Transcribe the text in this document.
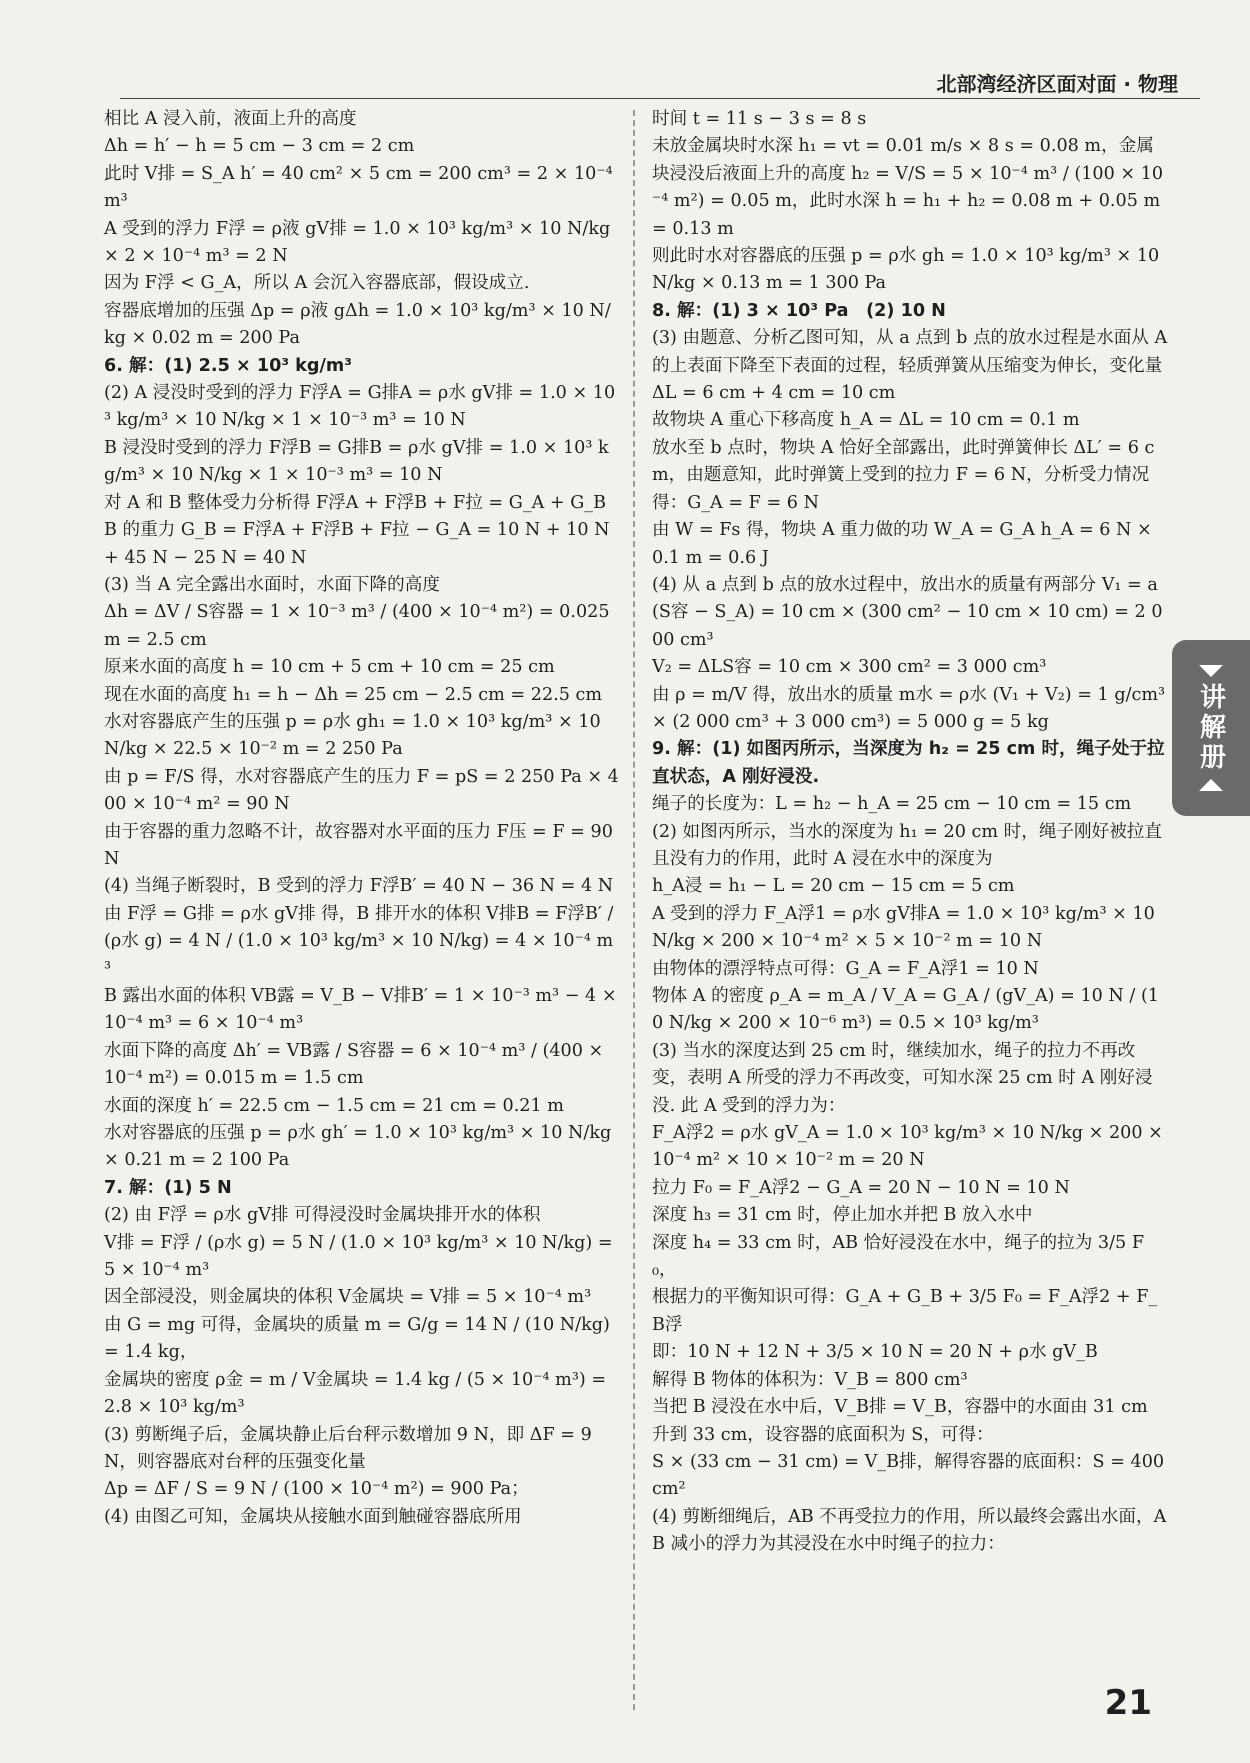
北部湾经济区面对面 · 物理

相比 A 浸入前，液面上升的高度

Δh = h′ − h = 5 cm − 3 cm = 2 cm

此时 V排 = S_A h′ = 40 cm² × 5 cm = 200 cm³ = 2 × 10⁻⁴ m³

A 受到的浮力 F浮 = ρ液 gV排 = 1.0 × 10³ kg/m³ × 10 N/kg × 2 × 10⁻⁴ m³ = 2 N

因为 F浮 < G_A，所以 A 会沉入容器底部，假设成立.

容器底增加的压强 Δp = ρ液 gΔh = 1.0 × 10³ kg/m³ × 10 N/kg × 0.02 m = 200 Pa

6. 解：(1) 2.5 × 10³ kg/m³

(2) A 浸没时受到的浮力 F浮A = G排A = ρ水 gV排 = 1.0 × 10³ kg/m³ × 10 N/kg × 1 × 10⁻³ m³ = 10 N

B 浸没时受到的浮力 F浮B = G排B = ρ水 gV排 = 1.0 × 10³ kg/m³ × 10 N/kg × 1 × 10⁻³ m³ = 10 N

对 A 和 B 整体受力分析得 F浮A + F浮B + F拉 = G_A + G_B

B 的重力 G_B = F浮A + F浮B + F拉 − G_A = 10 N + 10 N + 45 N − 25 N = 40 N

(3) 当 A 完全露出水面时，水面下降的高度

Δh = ΔV / S容器 = 1 × 10⁻³ m³ / (400 × 10⁻⁴ m²) = 0.025 m = 2.5 cm

原来水面的高度 h = 10 cm + 5 cm + 10 cm = 25 cm

现在水面的高度 h₁ = h − Δh = 25 cm − 2.5 cm = 22.5 cm

水对容器底产生的压强 p = ρ水 gh₁ = 1.0 × 10³ kg/m³ × 10 N/kg × 22.5 × 10⁻² m = 2 250 Pa

由 p = F/S 得，水对容器底产生的压力 F = pS = 2 250 Pa × 400 × 10⁻⁴ m² = 90 N

由于容器的重力忽略不计，故容器对水平面的压力 F压 = F = 90 N

(4) 当绳子断裂时，B 受到的浮力 F浮B′ = 40 N − 36 N = 4 N

由 F浮 = G排 = ρ水 gV排 得，B 排开水的体积 V排B = F浮B′ / (ρ水 g) = 4 N / (1.0 × 10³ kg/m³ × 10 N/kg) = 4 × 10⁻⁴ m³

B 露出水面的体积 VB露 = V_B − V排B′ = 1 × 10⁻³ m³ − 4 × 10⁻⁴ m³ = 6 × 10⁻⁴ m³

水面下降的高度 Δh′ = VB露 / S容器 = 6 × 10⁻⁴ m³ / (400 × 10⁻⁴ m²) = 0.015 m = 1.5 cm

水面的深度 h′ = 22.5 cm − 1.5 cm = 21 cm = 0.21 m

水对容器底的压强 p = ρ水 gh′ = 1.0 × 10³ kg/m³ × 10 N/kg × 0.21 m = 2 100 Pa

7. 解：(1) 5 N

(2) 由 F浮 = ρ水 gV排 可得浸没时金属块排开水的体积

V排 = F浮 / (ρ水 g) = 5 N / (1.0 × 10³ kg/m³ × 10 N/kg) = 5 × 10⁻⁴ m³

因全部浸没，则金属块的体积 V金属块 = V排 = 5 × 10⁻⁴ m³

由 G = mg 可得，金属块的质量 m = G/g = 14 N / (10 N/kg) = 1.4 kg，

金属块的密度 ρ金 = m / V金属块 = 1.4 kg / (5 × 10⁻⁴ m³) = 2.8 × 10³ kg/m³

(3) 剪断绳子后，金属块静止后台秤示数增加 9 N，即 ΔF = 9 N，则容器底对台秤的压强变化量

Δp = ΔF / S = 9 N / (100 × 10⁻⁴ m²) = 900 Pa；

(4) 由图乙可知，金属块从接触水面到触碰容器底所用

时间 t = 11 s − 3 s = 8 s

未放金属块时水深 h₁ = vt = 0.01 m/s × 8 s = 0.08 m，金属块浸没后液面上升的高度 h₂ = V/S = 5 × 10⁻⁴ m³ / (100 × 10⁻⁴ m²) = 0.05 m，此时水深 h = h₁ + h₂ = 0.08 m + 0.05 m = 0.13 m

则此时水对容器底的压强 p = ρ水 gh = 1.0 × 10³ kg/m³ × 10 N/kg × 0.13 m = 1 300 Pa

8. 解：(1) 3 × 10³ Pa　(2) 10 N

(3) 由题意、分析乙图可知，从 a 点到 b 点的放水过程是水面从 A 的上表面下降至下表面的过程，轻质弹簧从压缩变为伸长，变化量 ΔL = 6 cm + 4 cm = 10 cm

故物块 A 重心下移高度 h_A = ΔL = 10 cm = 0.1 m

放水至 b 点时，物块 A 恰好全部露出，此时弹簧伸长 ΔL′ = 6 cm，由题意知，此时弹簧上受到的拉力 F = 6 N，分析受力情况得：G_A = F = 6 N

由 W = Fs 得，物块 A 重力做的功 W_A = G_A h_A = 6 N × 0.1 m = 0.6 J

(4) 从 a 点到 b 点的放水过程中，放出水的质量有两部分 V₁ = a(S容 − S_A) = 10 cm × (300 cm² − 10 cm × 10 cm) = 2 000 cm³

V₂ = ΔLS容 = 10 cm × 300 cm² = 3 000 cm³

由 ρ = m/V 得，放出水的质量 m水 = ρ水 (V₁ + V₂) = 1 g/cm³ × (2 000 cm³ + 3 000 cm³) = 5 000 g = 5 kg

9. 解：(1) 如图丙所示，当深度为 h₂ = 25 cm 时，绳子处于拉直状态，A 刚好浸没.

绳子的长度为：L = h₂ − h_A = 25 cm − 10 cm = 15 cm

(2) 如图丙所示，当水的深度为 h₁ = 20 cm 时，绳子刚好被拉直且没有力的作用，此时 A 浸在水中的深度为

h_A浸 = h₁ − L = 20 cm − 15 cm = 5 cm

A 受到的浮力 F_A浮1 = ρ水 gV排A = 1.0 × 10³ kg/m³ × 10 N/kg × 200 × 10⁻⁴ m² × 5 × 10⁻² m = 10 N

由物体的漂浮特点可得：G_A = F_A浮1 = 10 N

物体 A 的密度 ρ_A = m_A / V_A = G_A / (gV_A) = 10 N / (10 N/kg × 200 × 10⁻⁶ m³) = 0.5 × 10³ kg/m³

(3) 当水的深度达到 25 cm 时，继续加水，绳子的拉力不再改变，表明 A 所受的浮力不再改变，可知水深 25 cm 时 A 刚好浸没. 此 A 受到的浮力为：

F_A浮2 = ρ水 gV_A = 1.0 × 10³ kg/m³ × 10 N/kg × 200 × 10⁻⁴ m² × 10 × 10⁻² m = 20 N

拉力 F₀ = F_A浮2 − G_A = 20 N − 10 N = 10 N

深度 h₃ = 31 cm 时，停止加水并把 B 放入水中

深度 h₄ = 33 cm 时，AB 恰好浸没在水中，绳子的拉为 3/5 F₀，

根据力的平衡知识可得：G_A + G_B + 3/5 F₀ = F_A浮2 + F_B浮

即：10 N + 12 N + 3/5 × 10 N = 20 N + ρ水 gV_B

解得 B 物体的体积为：V_B = 800 cm³

当把 B 浸没在水中后，V_B排 = V_B，容器中的水面由 31 cm 升到 33 cm，设容器的底面积为 S，可得：

S × (33 cm − 31 cm) = V_B排，解得容器的底面积：S = 400 cm²

(4) 剪断细绳后，AB 不再受拉力的作用，所以最终会露出水面，AB 减小的浮力为其浸没在水中时绳子的拉力：

讲解册
21
